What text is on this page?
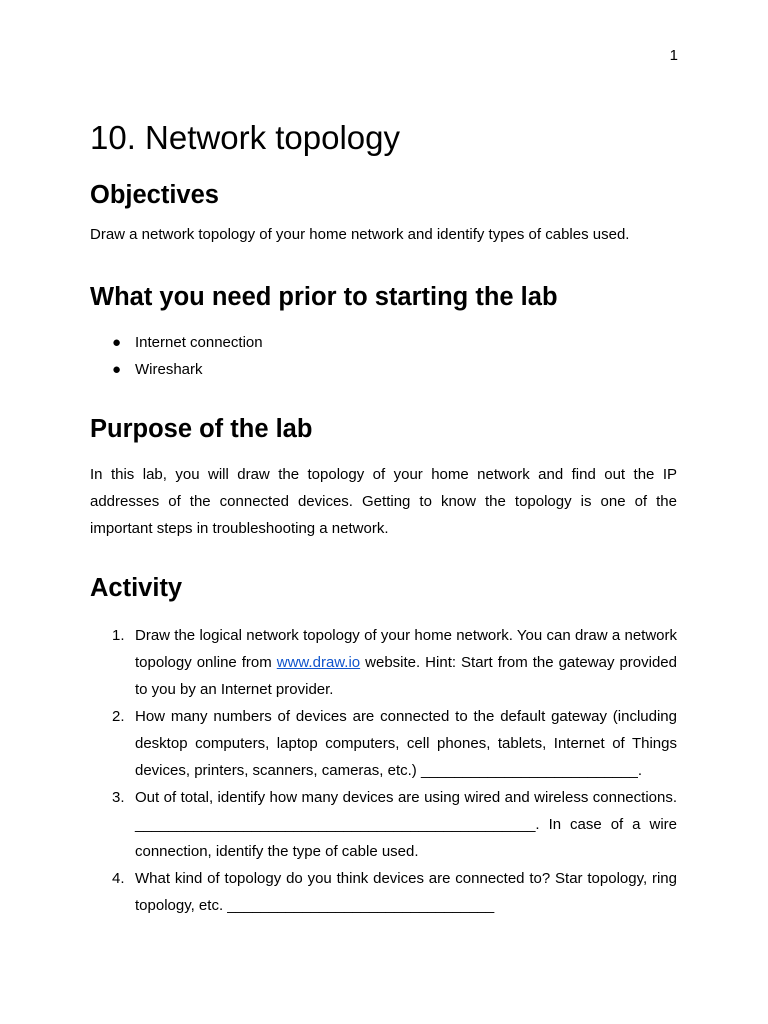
1
10. Network topology
Objectives

Draw a network topology of your home network and identify types of cables used.

What you need prior to starting the lab
● Internet connection
● Wireshark
Purpose of the lab

In this lab, you will draw the topology of your home network and find out the IP addresses of the connected devices. Getting to know the topology is one of the important steps in troubleshooting a network.

Activity
1. Draw the logical network topology of your home network. You can draw a network topology online from www.draw.io website. Hint: Start from the gateway provided to you by an Internet provider.
2. How many numbers of devices are connected to the default gateway (including desktop computers, laptop computers, cell phones, tablets, Internet of Things devices, printers, scanners, cameras, etc.) __________________________.
3. Out of total, identify how many devices are using wired and wireless connections. ________________________________________________. In case of a wire connection, identify the type of cable used.
4. What kind of topology do you think devices are connected to? Star topology, ring topology, etc. ________________________________
